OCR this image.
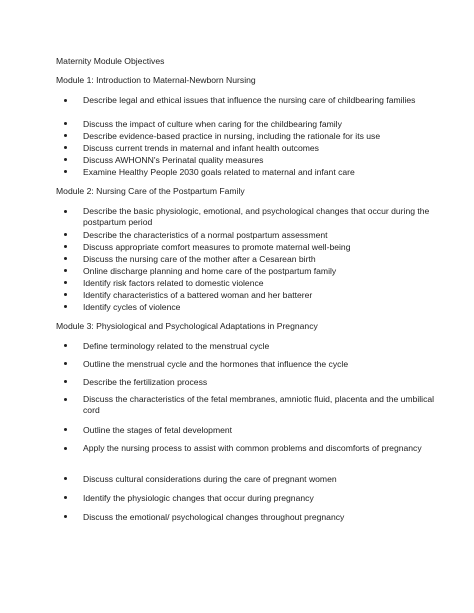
Maternity Module Objectives
Module 1: Introduction to Maternal-Newborn Nursing
Describe legal and ethical issues that influence the nursing care of childbearing families
Discuss the impact of culture when caring for the childbearing family
Describe evidence-based practice in nursing, including the rationale for its use
Discuss current trends in maternal and infant health outcomes
Discuss AWHONN's Perinatal quality measures
Examine Healthy People 2030 goals related to maternal and infant care
Module 2: Nursing Care of the Postpartum Family
Describe the basic physiologic, emotional, and psychological changes that occur during the postpartum period
Describe the characteristics of a normal postpartum assessment
Discuss appropriate comfort measures to promote maternal well-being
Discuss the nursing care of the mother after a Cesarean birth
Online discharge planning and home care of the postpartum family
Identify risk factors related to domestic violence
Identify characteristics of a battered woman and her batterer
Identify cycles of violence
Module 3: Physiological and Psychological Adaptations in Pregnancy
Define terminology related to the menstrual cycle
Outline the menstrual cycle and the hormones that influence the cycle
Describe the fertilization process
Discuss the characteristics of the fetal membranes, amniotic fluid, placenta and the umbilical cord
Outline the stages of fetal development
Apply the nursing process to assist with common problems and discomforts of pregnancy
Discuss cultural considerations during the care of pregnant women
Identify the physiologic changes that occur during pregnancy
Discuss the emotional/ psychological changes throughout pregnancy
